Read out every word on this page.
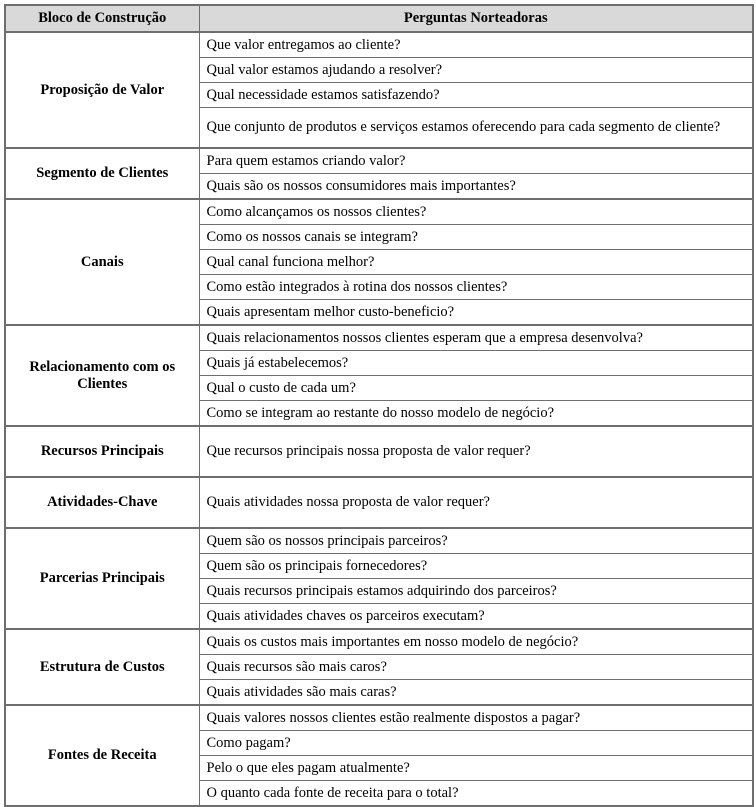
Bloco de Construção	Perguntas Norteadoras
Proposição de Valor	Que valor entregamos ao cliente?
	Qual valor estamos ajudando a resolver?
	Qual necessidade estamos satisfazendo?
	Que conjunto de produtos e serviços estamos oferecendo para cada segmento de cliente?
Segmento de Clientes	Para quem estamos criando valor?
	Quais são os nossos consumidores mais importantes?
Canais	Como alcançamos os nossos clientes?
	Como os nossos canais se integram?
	Qual canal funciona melhor?
	Como estão integrados à rotina dos nossos clientes?
	Quais apresentam melhor custo-beneficio?
Relacionamento com os Clientes	Quais relacionamentos nossos clientes esperam que a empresa desenvolva?
	Quais já estabelecemos?
	Qual o custo de cada um?
	Como se integram ao restante do nosso modelo de negócio?
Recursos Principais	Que recursos principais nossa proposta de valor requer?
Atividades-Chave	Quais atividades nossa proposta de valor requer?
Parcerias Principais	Quem são os nossos principais parceiros?
	Quem são os principais fornecedores?
	Quais recursos principais estamos adquirindo dos parceiros?
	Quais atividades chaves os parceiros executam?
Estrutura de Custos	Quais os custos mais importantes em nosso modelo de negócio?
	Quais recursos são mais caros?
	Quais atividades são mais caras?
Fontes de Receita	Quais valores nossos clientes estão realmente dispostos a pagar?
	Como pagam?
	Pelo o que eles pagam atualmente?
	O quanto cada fonte de receita para o total?
